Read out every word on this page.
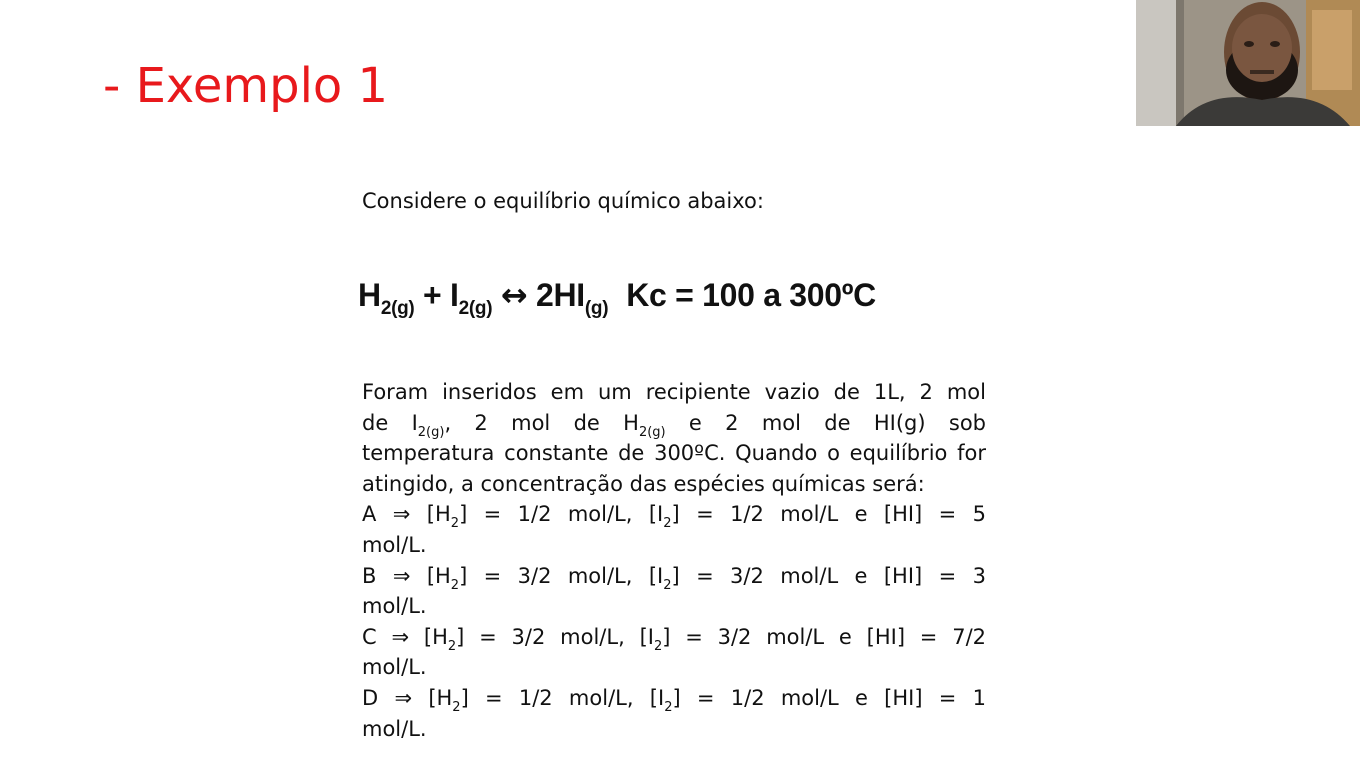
- Exemplo 1

Considere o equilíbrio químico abaixo:

$H_{2(g)} + I_{2(g)}$ ↔ $2HI_{(g)}$ Kc = 100 a 300ºC
Foram inseridos em um recipiente vazio de 1L, 2 mol
de $I_{2(g)}$, 2 mol de $H_{2(g)}$ e 2 mol de HI(g) sob
temperatura constante de 300ºC. Quando o equilíbrio for
atingido, a concentração das espécies químicas será:
A ⇒ $[H_2] = 1/2$ mol/L, $[I_2] = 1/2$ mol/L e [HI] = 5
mol/L.
B ⇒ $[H_2] = 3/2$ mol/L, $[I_2] = 3/2$ mol/L e [HI] = 3
mol/L.
C ⇒ $[H_2] = 3/2$ mol/L, $[I_2] = 3/2$ mol/L e [HI] = 7/2
mol/L.
D ⇒ $[H_2] = 1/2$ mol/L, $[I_2] = 1/2$ mol/L e [HI] = 1
mol/L.
